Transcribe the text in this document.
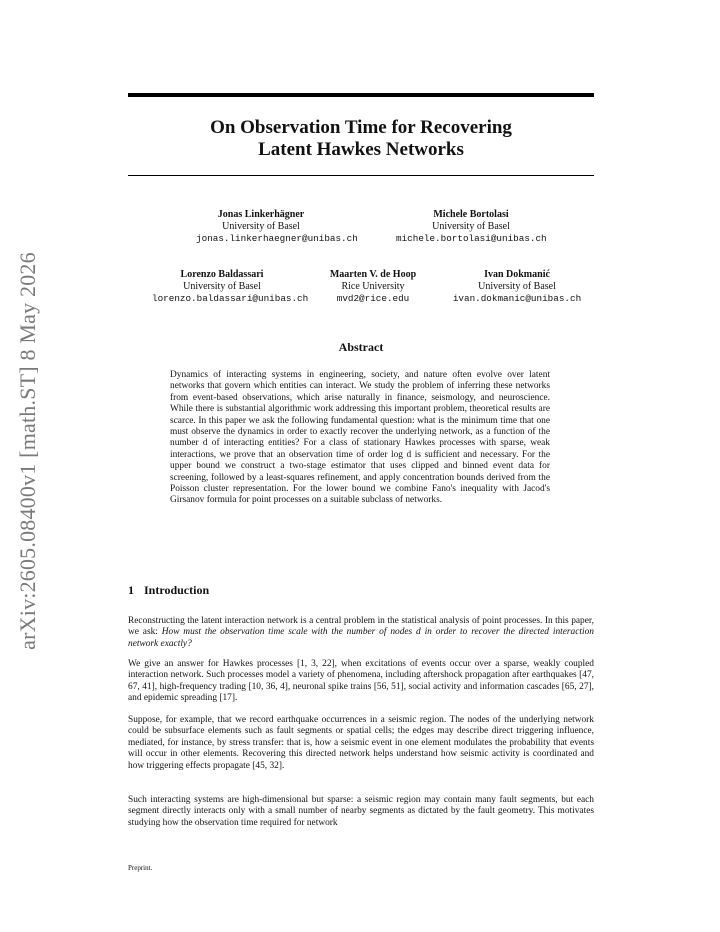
arXiv:2605.08400v1 [math.ST] 8 May 2026
On Observation Time for Recovering
Latent Hawkes Networks
Jonas Linkerhägner
University of Basel
jonas.linkerhaegner@unibas.ch
Michele Bortolasi
University of Basel
michele.bortolasi@unibas.ch
Lorenzo Baldassari
University of Basel
lorenzo.baldassari@unibas.ch
Maarten V. de Hoop
Rice University
mvd2@rice.edu
Ivan Dokmanić
University of Basel
ivan.dokmanic@unibas.ch
Abstract
Dynamics of interacting systems in engineering, society, and nature often evolve over latent networks that govern which entities can interact. We study the problem of inferring these networks from event-based observations, which arise naturally in finance, seismology, and neuroscience. While there is substantial algorithmic work addressing this important problem, theoretical results are scarce. In this paper we ask the following fundamental question: what is the minimum time that one must observe the dynamics in order to exactly recover the underlying network, as a function of the number d of interacting entities? For a class of stationary Hawkes processes with sparse, weak interactions, we prove that an observation time of order log d is sufficient and necessary. For the upper bound we construct a two-stage estimator that uses clipped and binned event data for screening, followed by a least-squares refinement, and apply concentration bounds derived from the Poisson cluster representation. For the lower bound we combine Fano's inequality with Jacod's Girsanov formula for point processes on a suitable subclass of networks.
1 Introduction
Reconstructing the latent interaction network is a central problem in the statistical analysis of point processes. In this paper, we ask: How must the observation time scale with the number of nodes d in order to recover the directed interaction network exactly?
We give an answer for Hawkes processes [1, 3, 22], when excitations of events occur over a sparse, weakly coupled interaction network. Such processes model a variety of phenomena, including aftershock propagation after earthquakes [47, 67, 41], high-frequency trading [10, 36, 4], neuronal spike trains [56, 51], social activity and information cascades [65, 27], and epidemic spreading [17].
Suppose, for example, that we record earthquake occurrences in a seismic region. The nodes of the underlying network could be subsurface elements such as fault segments or spatial cells; the edges may describe direct triggering influence, mediated, for instance, by stress transfer: that is, how a seismic event in one element modulates the probability that events will occur in other elements. Recovering this directed network helps understand how seismic activity is coordinated and how triggering effects propagate [45, 32].
Such interacting systems are high-dimensional but sparse: a seismic region may contain many fault segments, but each segment directly interacts only with a small number of nearby segments as dictated by the fault geometry. This motivates studying how the observation time required for network
Preprint.
